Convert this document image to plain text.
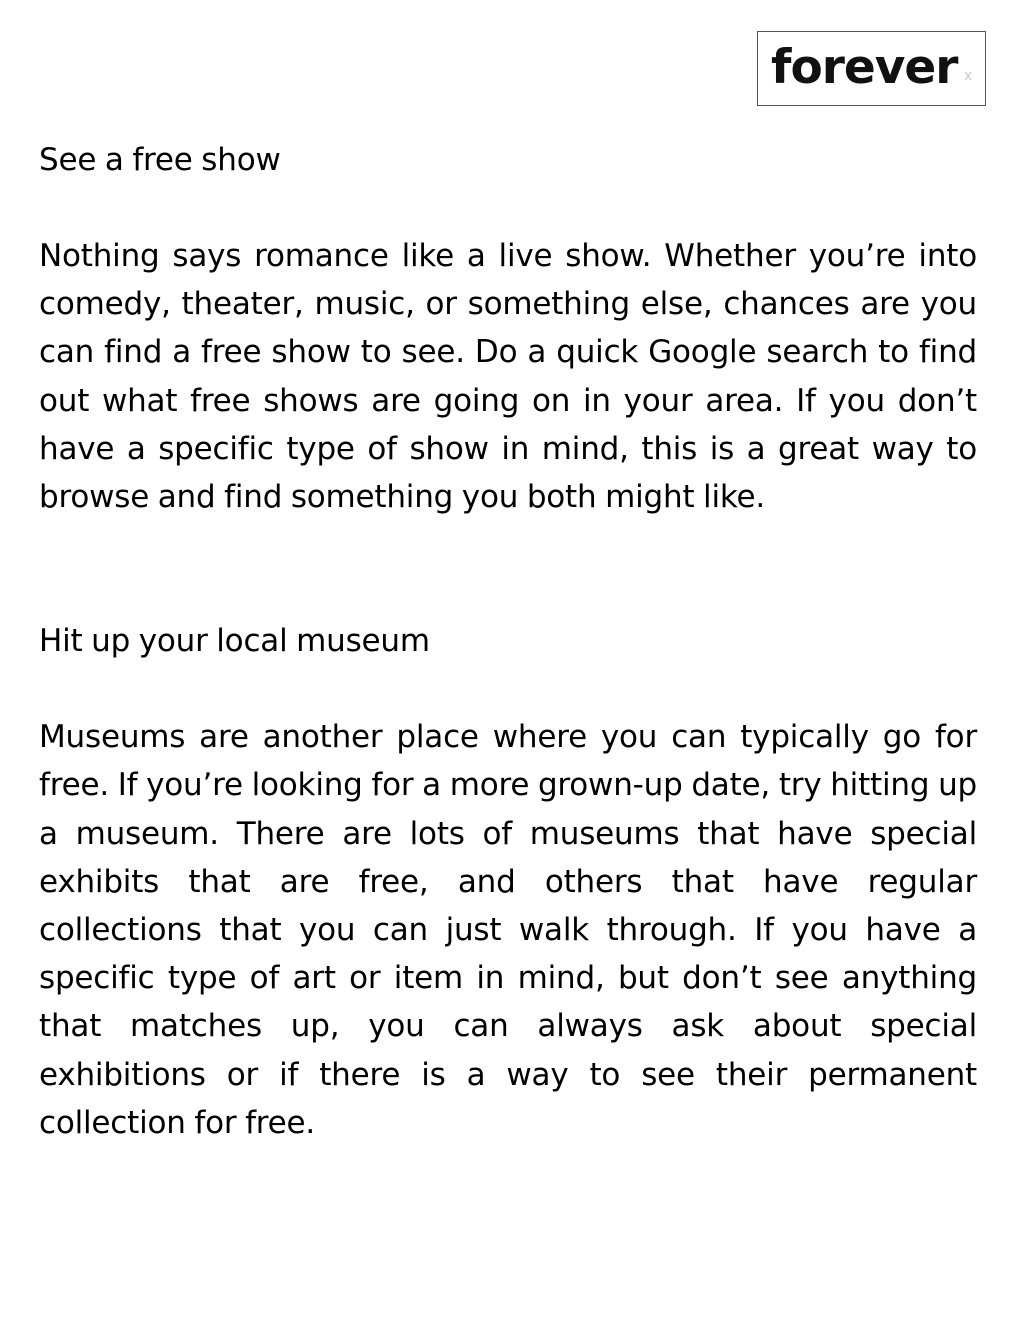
forever x
See a free show
Nothing says romance like a live show. Whether you’re into comedy, theater, music, or something else, chances are you can find a free show to see. Do a quick Google search to find out what free shows are going on in your area. If you don’t have a specific type of show in mind, this is a great way to browse and find something you both might like.
Hit up your local museum
Museums are another place where you can typically go for free. If you’re looking for a more grown-up date, try hitting up a museum. There are lots of museums that have special exhibits that are free, and others that have regular collections that you can just walk through. If you have a specific type of art or item in mind, but don’t see anything that matches up, you can always ask about special exhibitions or if there is a way to see their permanent collection for free.
